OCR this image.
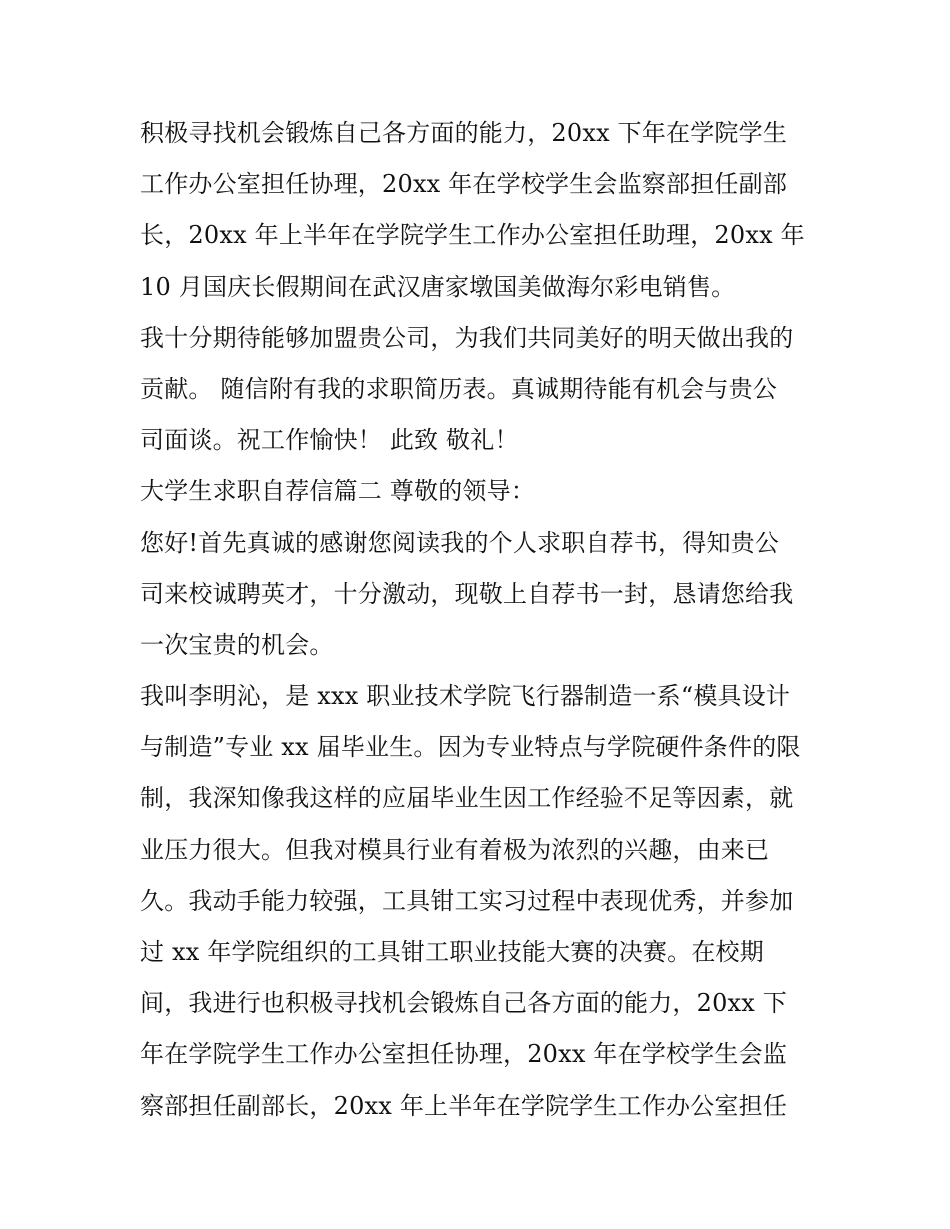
积极寻找机会锻炼自己各方面的能力，20xx 下年在学院学生
工作办公室担任协理，20xx 年在学校学生会监察部担任副部
长，20xx 年上半年在学院学生工作办公室担任助理，20xx 年
10 月国庆长假期间在武汉唐家墩国美做海尔彩电销售。
我十分期待能够加盟贵公司，为我们共同美好的明天做出我的
贡献。 随信附有我的求职简历表。真诚期待能有机会与贵公
司面谈。祝工作愉快！ 此致 敬礼！
大学生求职自荐信篇二 尊敬的领导：
您好!首先真诚的感谢您阅读我的个人求职自荐书，得知贵公
司来校诚聘英才，十分激动，现敬上自荐书一封，恳请您给我
一次宝贵的机会。
我叫李明沁，是 xxx 职业技术学院飞行器制造一系“模具设计
与制造”专业 xx 届毕业生。因为专业特点与学院硬件条件的限
制，我深知像我这样的应届毕业生因工作经验不足等因素，就
业压力很大。但我对模具行业有着极为浓烈的兴趣，由来已
久。我动手能力较强，工具钳工实习过程中表现优秀，并参加
过 xx 年学院组织的工具钳工职业技能大赛的决赛。在校期
间，我进行也积极寻找机会锻炼自己各方面的能力，20xx 下
年在学院学生工作办公室担任协理，20xx 年在学校学生会监
察部担任副部长，20xx 年上半年在学院学生工作办公室担任
